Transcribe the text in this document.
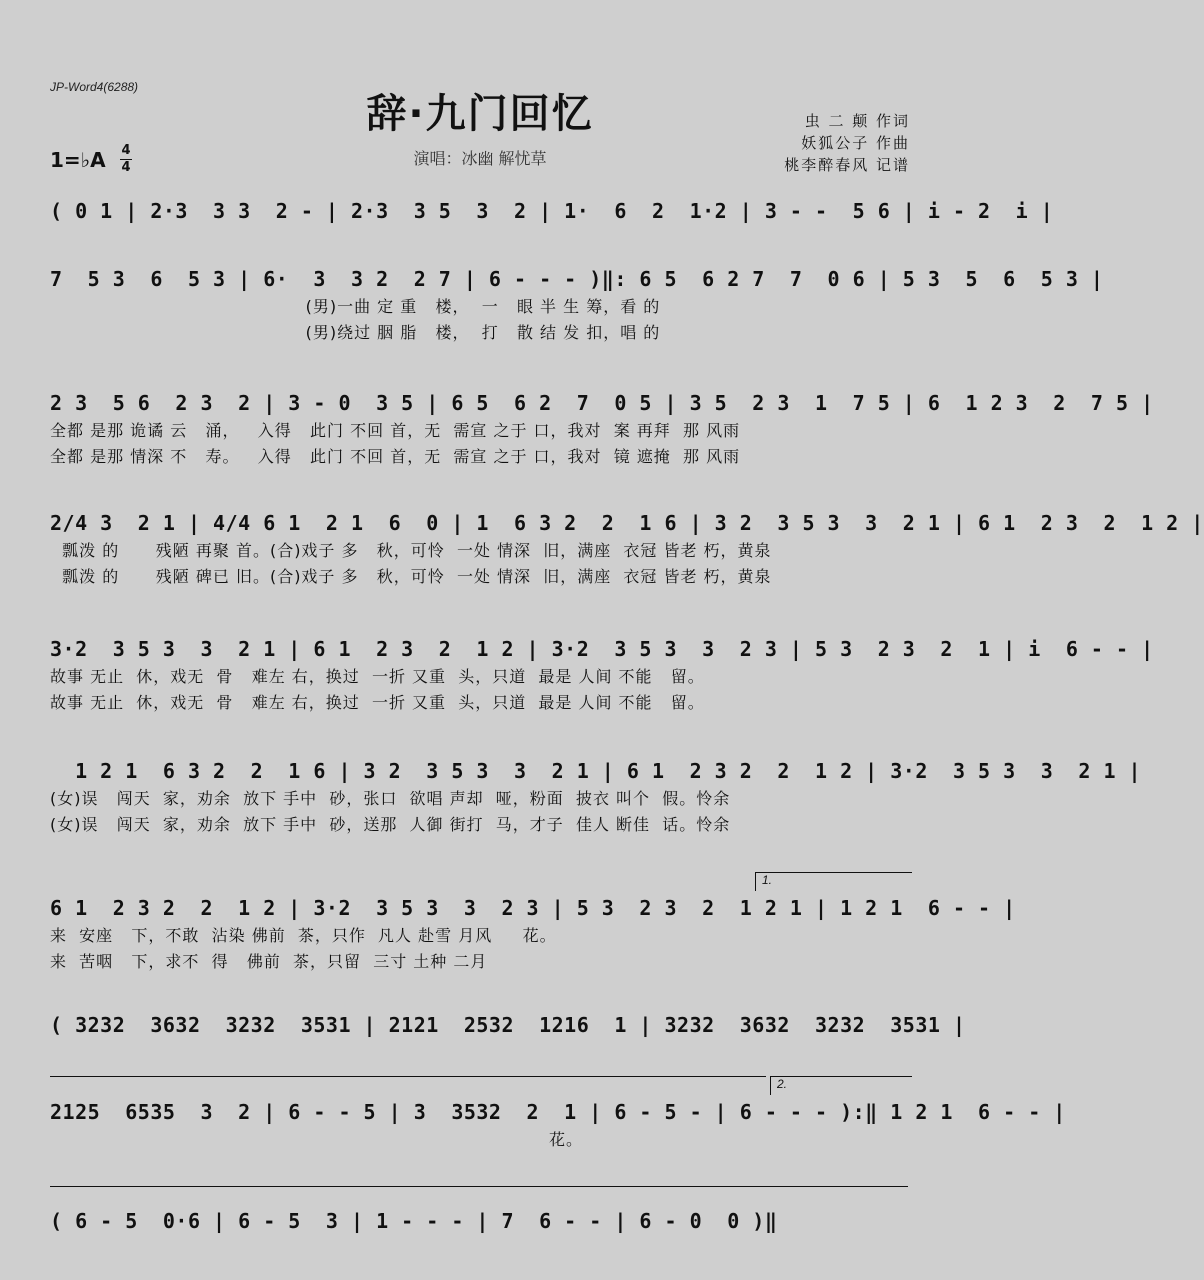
JP-Word4(6288)
辞·九门回忆
演唱：冰幽 解忧草
虫 二 颠 作词
妖狐公子 作曲
桃李醉春风 记谱
1=♭A 4
4
( 0 1 | 2·3  3 3  2 - | 2·3  3 5  3  2 | 1·  6  2  1·2 | 3 - -  5 6 | i - 2  i |
7  5 3  6  5 3 | 6·  3  3 2  2 7 | 6 - - - )‖: 6 5  6 2 7  7  0 6 | 5 3  5  6  5 3 |
(男)一曲 定 重   楼，  一   眼 半 生 筹，看 的
(男)绕过 胭 脂   楼，  打   散 结 发 扣，唱 的
2 3  5 6  2 3  2 | 3 - 0  3 5 | 6 5  6 2  7  0 5 | 3 5  2 3  1  7 5 | 6  1 2 3  2  7 5 |
全都 是那 诡谲 云   涌，   入得   此门 不回 首，无  需宣 之于 口，我对  案 再拜  那 风雨
全都 是那 情深 不   寿。   入得   此门 不回 首，无  需宣 之于 口，我对  镜 遮掩  那 风雨
2/4 3  2 1 | 4/4 6 1  2 1  6  0 | 1  6 3 2  2  1 6 | 3 2  3 5 3  3  2 1 | 6 1  2 3  2  1 2 |
瓢泼 的      残陋 再聚 首。(合)戏子 多   秋，可怜  一处 情深  旧，满座  衣冠 皆老 朽，黄泉
瓢泼 的      残陋 碑已 旧。(合)戏子 多   秋，可怜  一处 情深  旧，满座  衣冠 皆老 朽，黄泉
3·2  3 5 3  3  2 1 | 6 1  2 3  2  1 2 | 3·2  3 5 3  3  2 3 | 5 3  2 3  2  1 | i  6 - - |
故事 无止  休，戏无  骨   难左 右，换过  一折 又重  头，只道  最是 人间 不能   留。
故事 无止  休，戏无  骨   难左 右，换过  一折 又重  头，只道  最是 人间 不能   留。
1 2 1  6 3 2  2  1 6 | 3 2  3 5 3  3  2 1 | 6 1  2 3 2  2  1 2 | 3·2  3 5 3  3  2 1 |
(女)误   闯天  家，劝余  放下 手中  砂，张口  欲唱 声却  哑，粉面  披衣 叫个  假。怜余
(女)误   闯天  家，劝余  放下 手中  砂，送那  人御 街打  马，才子  佳人 断佳  话。怜余
1.
6 1  2 3 2  2  1 2 | 3·2  3 5 3  3  2 3 | 5 3  2 3  2  1 2 1 | 1 2 1  6 - - |
来  安座   下，不敢  沾染 佛前  茶，只作  凡人 赴雪 月风     花。
来  苦咽   下，求不  得   佛前  茶，只留  三寸 土种 二月
( 3232  3632  3232  3531 | 2121  2532  1216  1 | 3232  3632  3232  3531 |
2.
2125  6535  3  2 | 6 - - 5 | 3  3532  2  1 | 6 - 5 - | 6 - - - ):‖ 1 2 1  6 - - |
花。
( 6 - 5  0·6 | 6 - 5  3 | 1 - - - | 7  6 - - | 6 - 0  0 )‖
